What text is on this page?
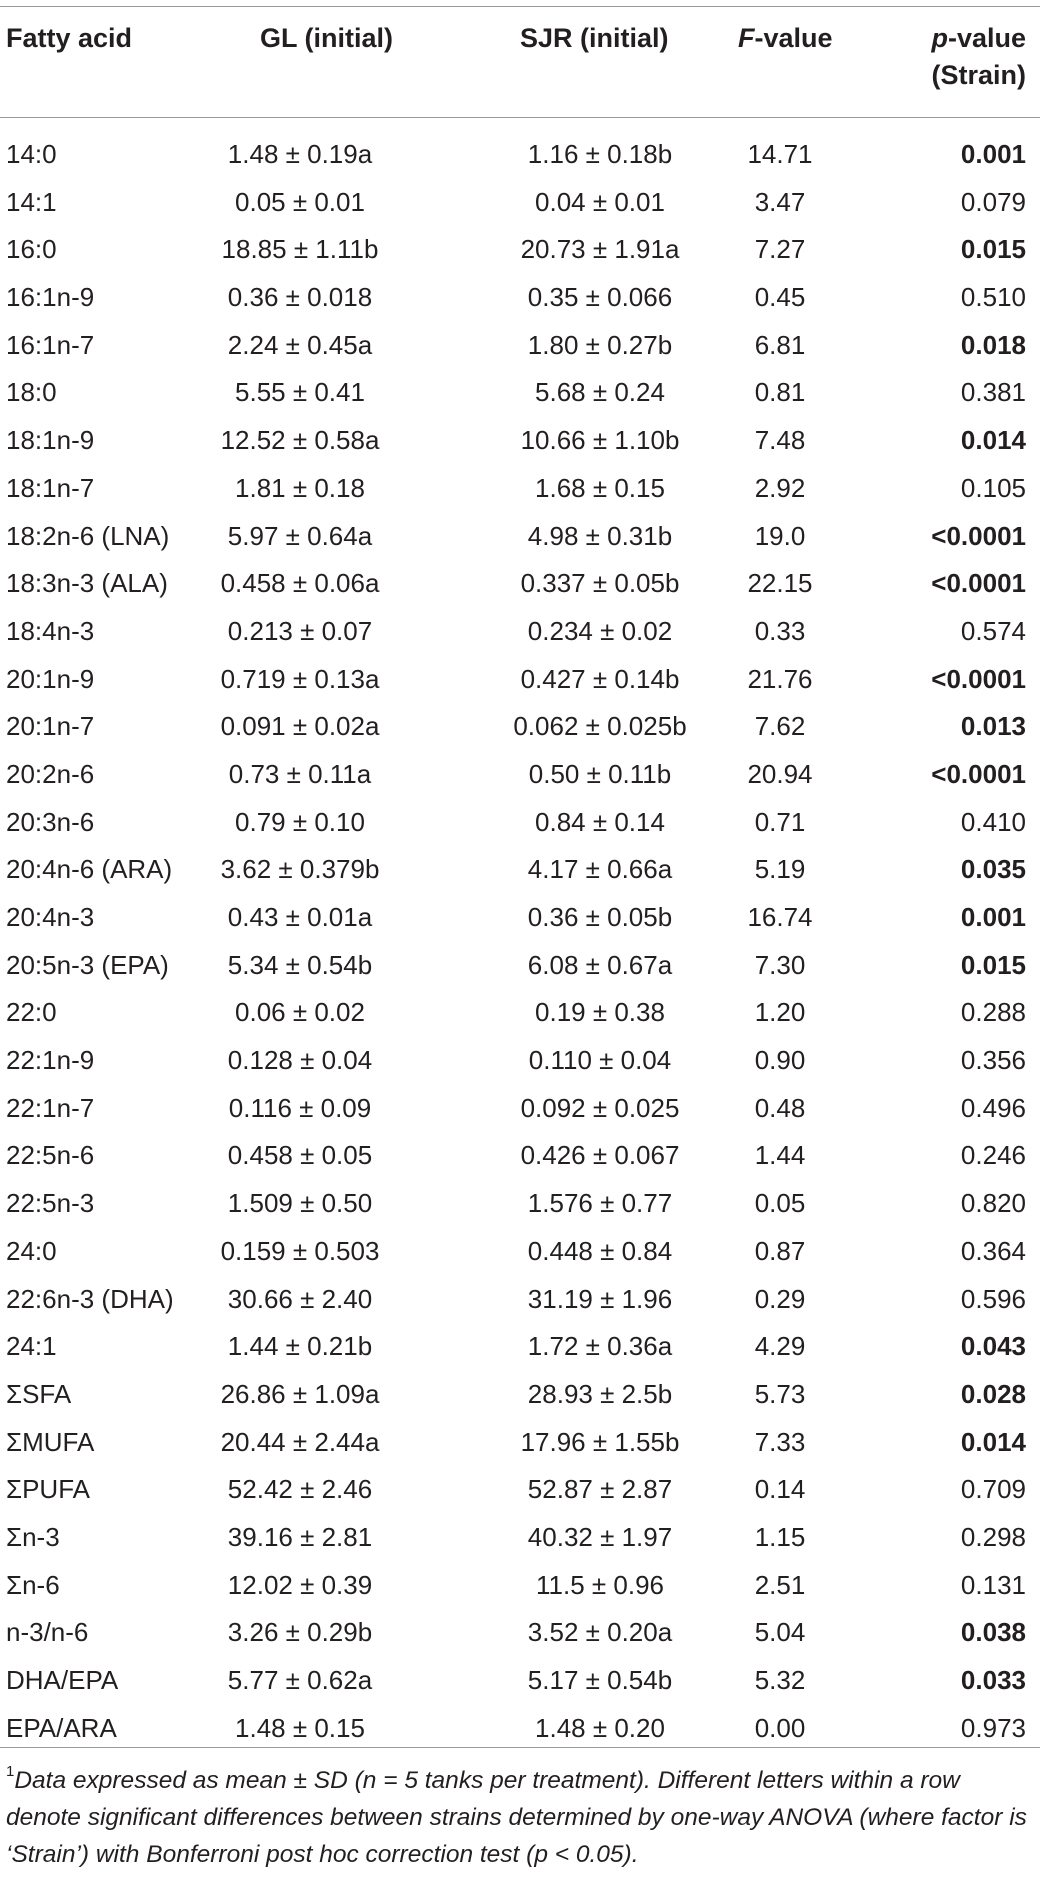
Fatty acid	GL (initial)	SJR (initial)	F-value	p-value
(Strain)
14:0	1.48 ± 0.19a	1.16 ± 0.18b	14.71	0.001
14:1	0.05 ± 0.01	0.04 ± 0.01	3.47	0.079
16:0	18.85 ± 1.11b	20.73 ± 1.91a	7.27	0.015
16:1n-9	0.36 ± 0.018	0.35 ± 0.066	0.45	0.510
16:1n-7	2.24 ± 0.45a	1.80 ± 0.27b	6.81	0.018
18:0	5.55 ± 0.41	5.68 ± 0.24	0.81	0.381
18:1n-9	12.52 ± 0.58a	10.66 ± 1.10b	7.48	0.014
18:1n-7	1.81 ± 0.18	1.68 ± 0.15	2.92	0.105
18:2n-6 (LNA)	5.97 ± 0.64a	4.98 ± 0.31b	19.0	<0.0001
18:3n-3 (ALA)	0.458 ± 0.06a	0.337 ± 0.05b	22.15	<0.0001
18:4n-3	0.213 ± 0.07	0.234 ± 0.02	0.33	0.574
20:1n-9	0.719 ± 0.13a	0.427 ± 0.14b	21.76	<0.0001
20:1n-7	0.091 ± 0.02a	0.062 ± 0.025b	7.62	0.013
20:2n-6	0.73 ± 0.11a	0.50 ± 0.11b	20.94	<0.0001
20:3n-6	0.79 ± 0.10	0.84 ± 0.14	0.71	0.410
20:4n-6 (ARA)	3.62 ± 0.379b	4.17 ± 0.66a	5.19	0.035
20:4n-3	0.43 ± 0.01a	0.36 ± 0.05b	16.74	0.001
20:5n-3 (EPA)	5.34 ± 0.54b	6.08 ± 0.67a	7.30	0.015
22:0	0.06 ± 0.02	0.19 ± 0.38	1.20	0.288
22:1n-9	0.128 ± 0.04	0.110 ± 0.04	0.90	0.356
22:1n-7	0.116 ± 0.09	0.092 ± 0.025	0.48	0.496
22:5n-6	0.458 ± 0.05	0.426 ± 0.067	1.44	0.246
22:5n-3	1.509 ± 0.50	1.576 ± 0.77	0.05	0.820
24:0	0.159 ± 0.503	0.448 ± 0.84	0.87	0.364
22:6n-3 (DHA)	30.66 ± 2.40	31.19 ± 1.96	0.29	0.596
24:1	1.44 ± 0.21b	1.72 ± 0.36a	4.29	0.043
ΣSFA	26.86 ± 1.09a	28.93 ± 2.5b	5.73	0.028
ΣMUFA	20.44 ± 2.44a	17.96 ± 1.55b	7.33	0.014
ΣPUFA	52.42 ± 2.46	52.87 ± 2.87	0.14	0.709
Σn-3	39.16 ± 2.81	40.32 ± 1.97	1.15	0.298
Σn-6	12.02 ± 0.39	11.5 ± 0.96	2.51	0.131
n-3/n-6	3.26 ± 0.29b	3.52 ± 0.20a	5.04	0.038
DHA/EPA	5.77 ± 0.62a	5.17 ± 0.54b	5.32	0.033
EPA/ARA	1.48 ± 0.15	1.48 ± 0.20	0.00	0.973
$^1$Data expressed as mean ± SD (n = 5 tanks per treatment). Different letters within a row denote significant differences between strains determined by one-way ANOVA (where factor is ‘Strain’) with Bonferroni post hoc correction test (p < 0.05).
